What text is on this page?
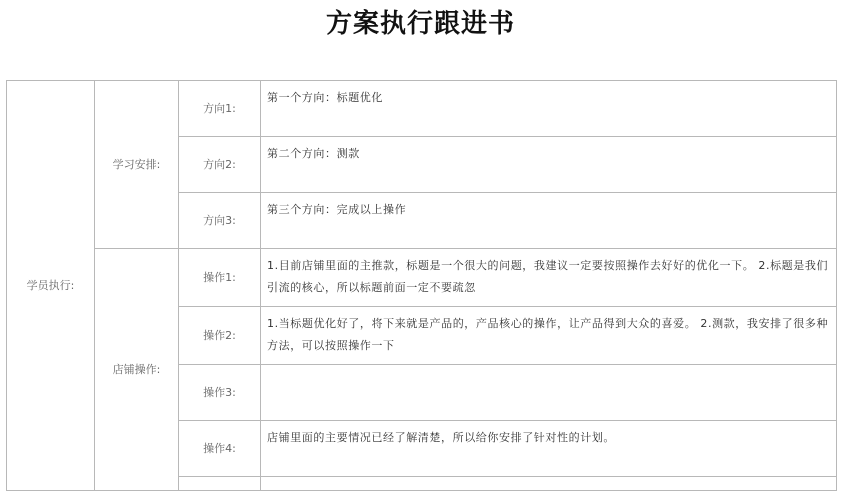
方案执行跟进书
学员执行:	学习安排:	方向1:	第一个方向：标题优化
		方向2:	第二个方向：测款
		方向3:	第三个方向：完成以上操作
	店铺操作:	操作1:	1.目前店铺里面的主推款，标题是一个很大的问题，我建议一定要按照操作去好好的优化一下。 2.标题是我们引流的核心，所以标题前面一定不要疏忽
		操作2:	1.当标题优化好了，将下来就是产品的，产品核心的操作，让产品得到大众的喜爱。 2.测款，我安排了很多种方法，可以按照操作一下
		操作3:	
		操作4:	店铺里面的主要情况已经了解清楚，所以给你安排了针对性的计划。
